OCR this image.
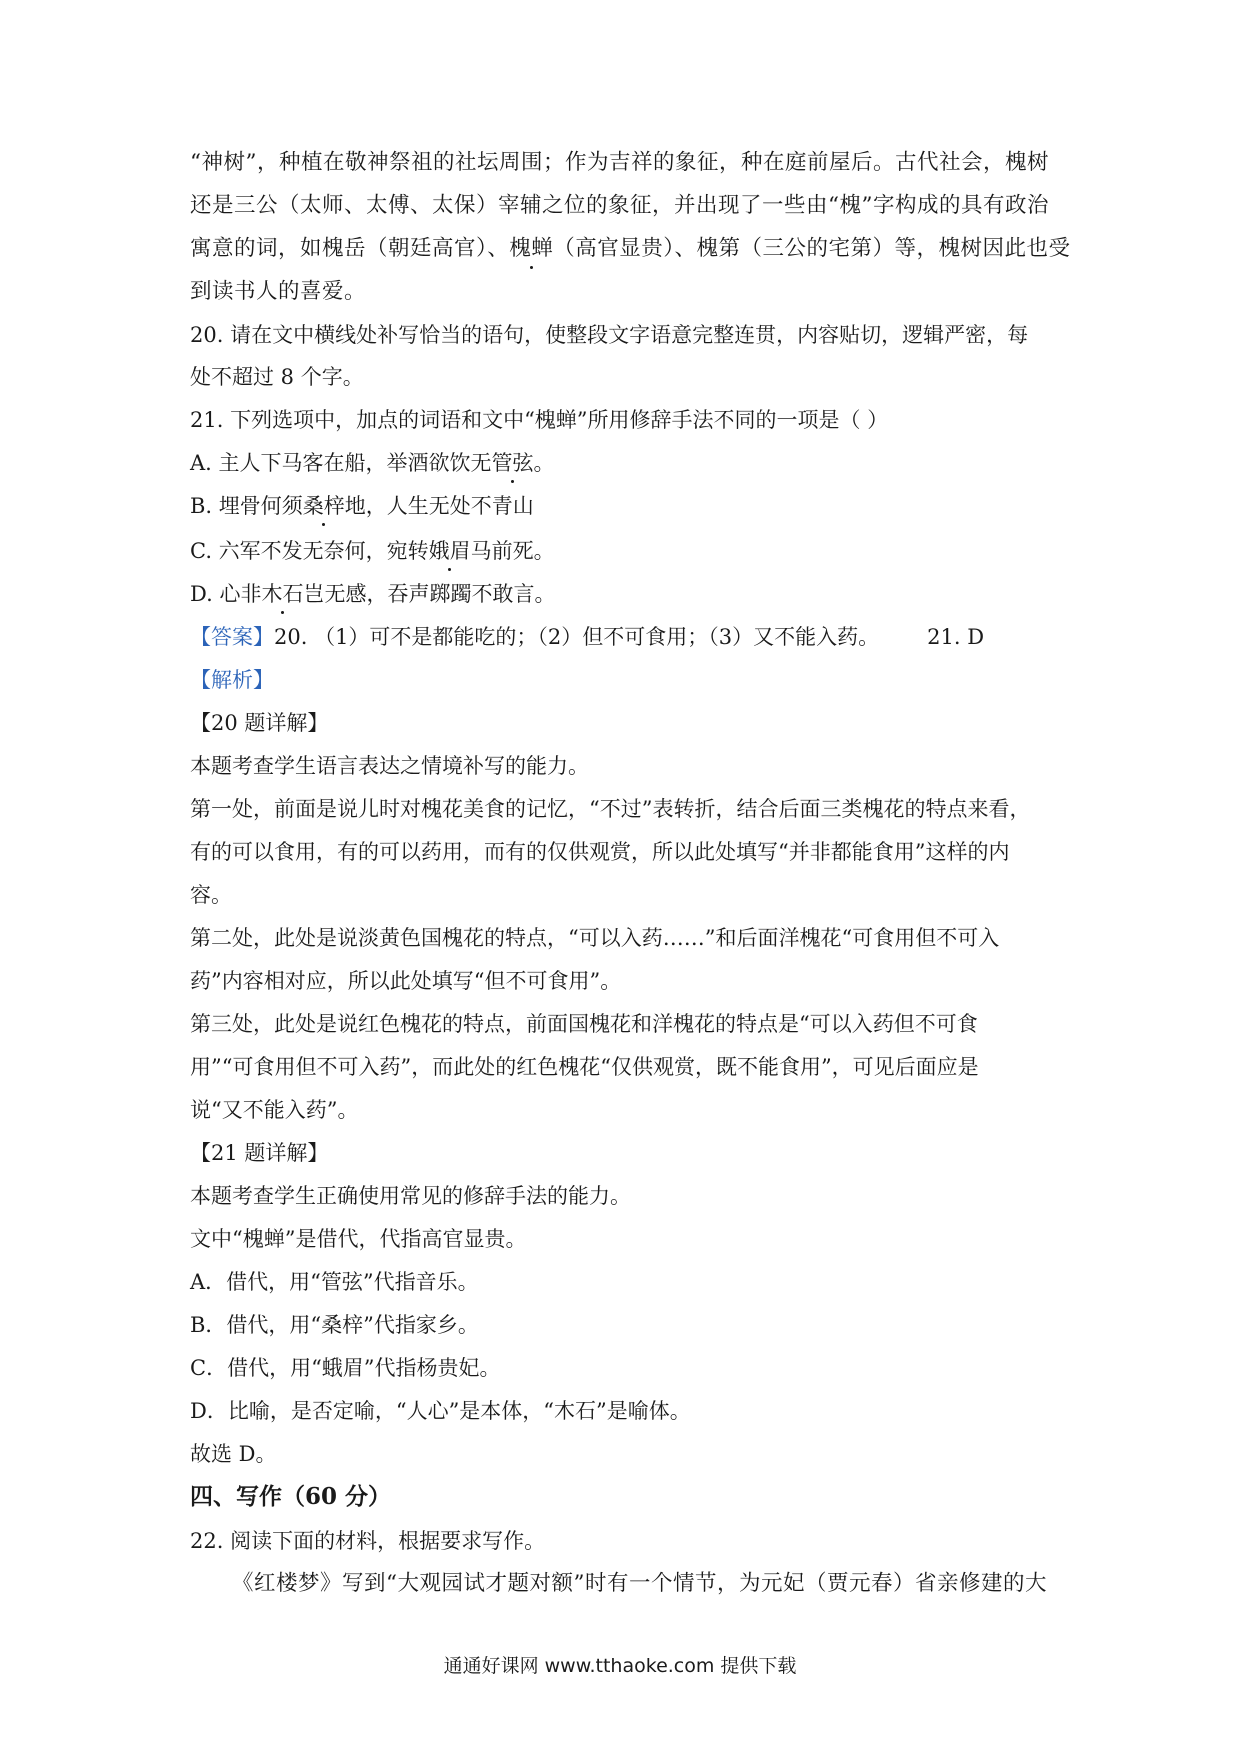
“神树”，种植在敬神祭祖的社坛周围；作为吉祥的象征，种在庭前屋后。古代社会，槐树
还是三公（太师、太傅、太保）宰辅之位的象征，并出现了一些由“槐”字构成的具有政治
寓意的词，如槐岳（朝廷高官）、槐蝉（高官显贵）、槐第（三公的宅第）等，槐树因此也受
到读书人的喜爱。
20. 请在文中横线处补写恰当的语句，使整段文字语意完整连贯，内容贴切，逻辑严密，每
处不超过 8 个字。
21. 下列选项中，加点的词语和文中“槐蝉”所用修辞手法不同的一项是（ ）
A. 主人下马客在船，举酒欲饮无管弦。
B. 埋骨何须桑梓地，人生无处不青山
C. 六军不发无奈何，宛转娥眉马前死。
D. 心非木石岂无感，吞声踯躅不敢言。
【答案】20. （1）可不是都能吃的；（2）但不可食用；（3）又不能入药。 21. D
【解析】
【20 题详解】
本题考查学生语言表达之情境补写的能力。
第一处，前面是说儿时对槐花美食的记忆，“不过”表转折，结合后面三类槐花的特点来看，
有的可以食用，有的可以药用，而有的仅供观赏，所以此处填写“并非都能食用”这样的内
容。
第二处，此处是说淡黄色国槐花的特点，“可以入药……”和后面洋槐花“可食用但不可入
药”内容相对应，所以此处填写“但不可食用”。
第三处，此处是说红色槐花的特点，前面国槐花和洋槐花的特点是“可以入药但不可食
用”“可食用但不可入药”，而此处的红色槐花“仅供观赏，既不能食用”，可见后面应是
说“又不能入药”。
【21 题详解】
本题考查学生正确使用常见的修辞手法的能力。
文中“槐蝉”是借代，代指高官显贵。
A．借代，用“管弦”代指音乐。
B．借代，用“桑梓”代指家乡。
C．借代，用“蛾眉”代指杨贵妃。
D．比喻，是否定喻，“人心”是本体，“木石”是喻体。
故选 D。
四、写作（60 分）
22. 阅读下面的材料，根据要求写作。
《红楼梦》写到“大观园试才题对额”时有一个情节，为元妃（贾元春）省亲修建的大
通通好课网 www.tthaoke.com 提供下载
